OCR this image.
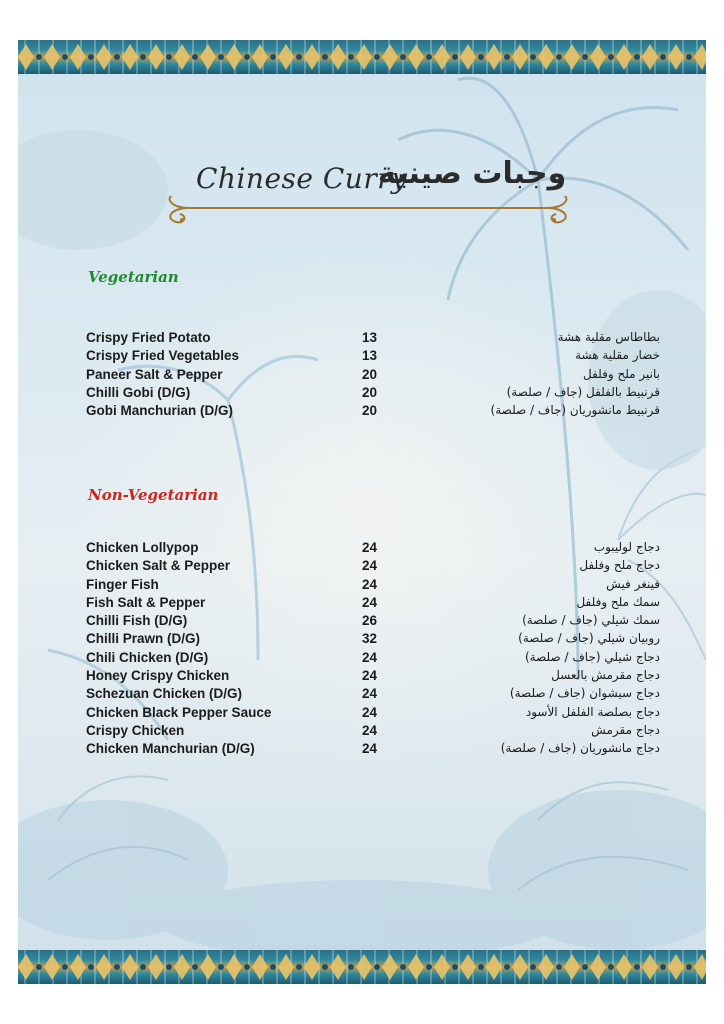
Chinese Curry
وجبات صينية
Vegetarian
Crispy Fried Potato	13	بطاطاس مقلية هشة
Crispy Fried Vegetables	13	خضار مقلية هشة
Paneer Salt & Pepper	20	بانير ملح وفلفل
Chilli Gobi (D/G)	20	قرنبيط بالفلفل (جاف / صلصة)
Gobi Manchurian (D/G)	20	قرنبيط مانشوريان (جاف / صلصة)
Non-Vegetarian
Chicken Lollypop	24	دجاج لوليبوب
Chicken Salt & Pepper	24	دجاج ملح وفلفل
Finger Fish	24	فينغر فيش
Fish Salt & Pepper	24	سمك ملح وفلفل
Chilli Fish (D/G)	26	سمك شيلي (جاف / صلصة)
Chilli Prawn (D/G)	32	روبيان شيلي (جاف / صلصة)
Chili Chicken (D/G)	24	دجاج شيلي (جاف / صلصة)
Honey Crispy Chicken	24	دجاج مقرمش بالعسل
Schezuan Chicken (D/G)	24	دجاج سيشوان (جاف / صلصة)
Chicken Black Pepper Sauce	24	دجاج بصلصة الفلفل الأسود
Crispy Chicken	24	دجاج مقرمش
Chicken Manchurian (D/G)	24	دجاج مانشوريان (جاف / صلصة)
